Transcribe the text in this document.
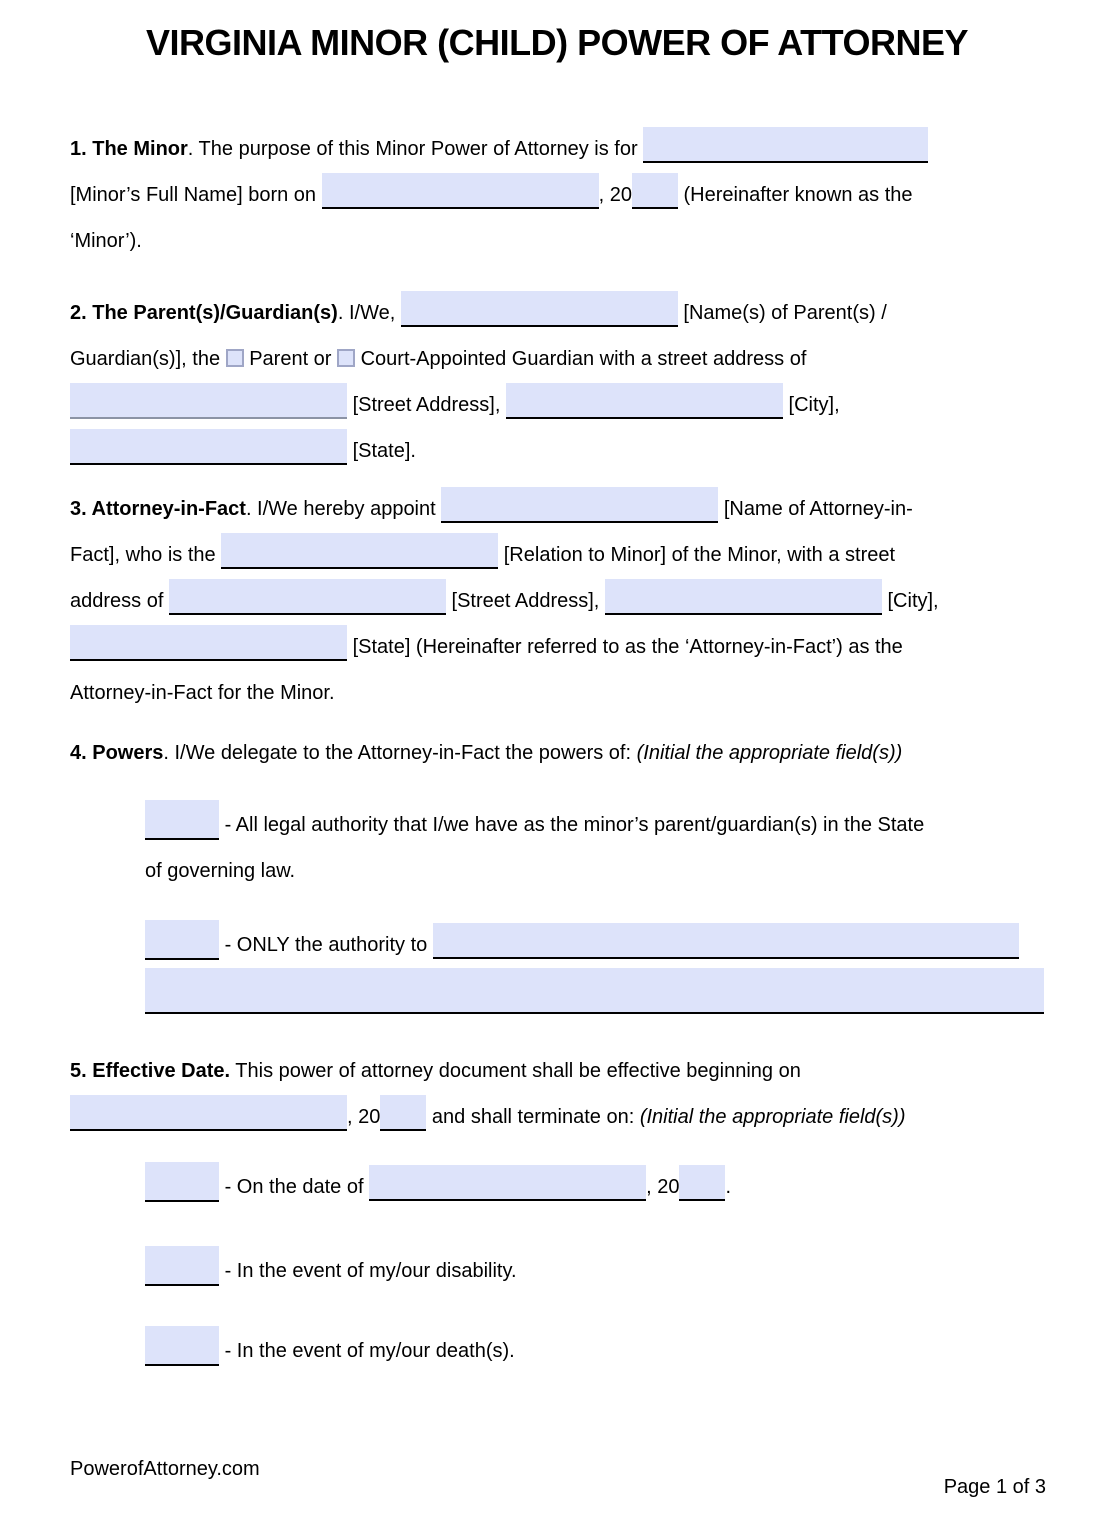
VIRGINIA MINOR (CHILD) POWER OF ATTORNEY
1. The Minor. The purpose of this Minor Power of Attorney is for
[Minor’s Full Name] born on	, 20	(Hereinafter known as the
‘Minor’).
2. The Parent(s)/Guardian(s). I/We,	[Name(s) of Parent(s) /
Guardian(s)], the Parent or Court-Appointed Guardian with a street address of
[Street Address],	[City],
[State].
3. Attorney-in-Fact. I/We hereby appoint	[Name of Attorney-in-
Fact], who is the	[Relation to Minor] of the Minor, with a street
address of	[Street Address],	[City],
[State] (Hereinafter referred to as the ‘Attorney-in-Fact’) as the
Attorney-in-Fact for the Minor.
4. Powers. I/We delegate to the Attorney-in-Fact the powers of: (Initial the appropriate field(s))
- All legal authority that I/we have as the minor’s parent/guardian(s) in the State
of governing law.
- ONLY the authority to
5. Effective Date. This power of attorney document shall be effective beginning on
, 20	and shall terminate on: (Initial the appropriate field(s))
- On the date of	, 20 .
- In the event of my/our disability.
- In the event of my/our death(s).
PowerofAttorney.com
Page 1 of 3
